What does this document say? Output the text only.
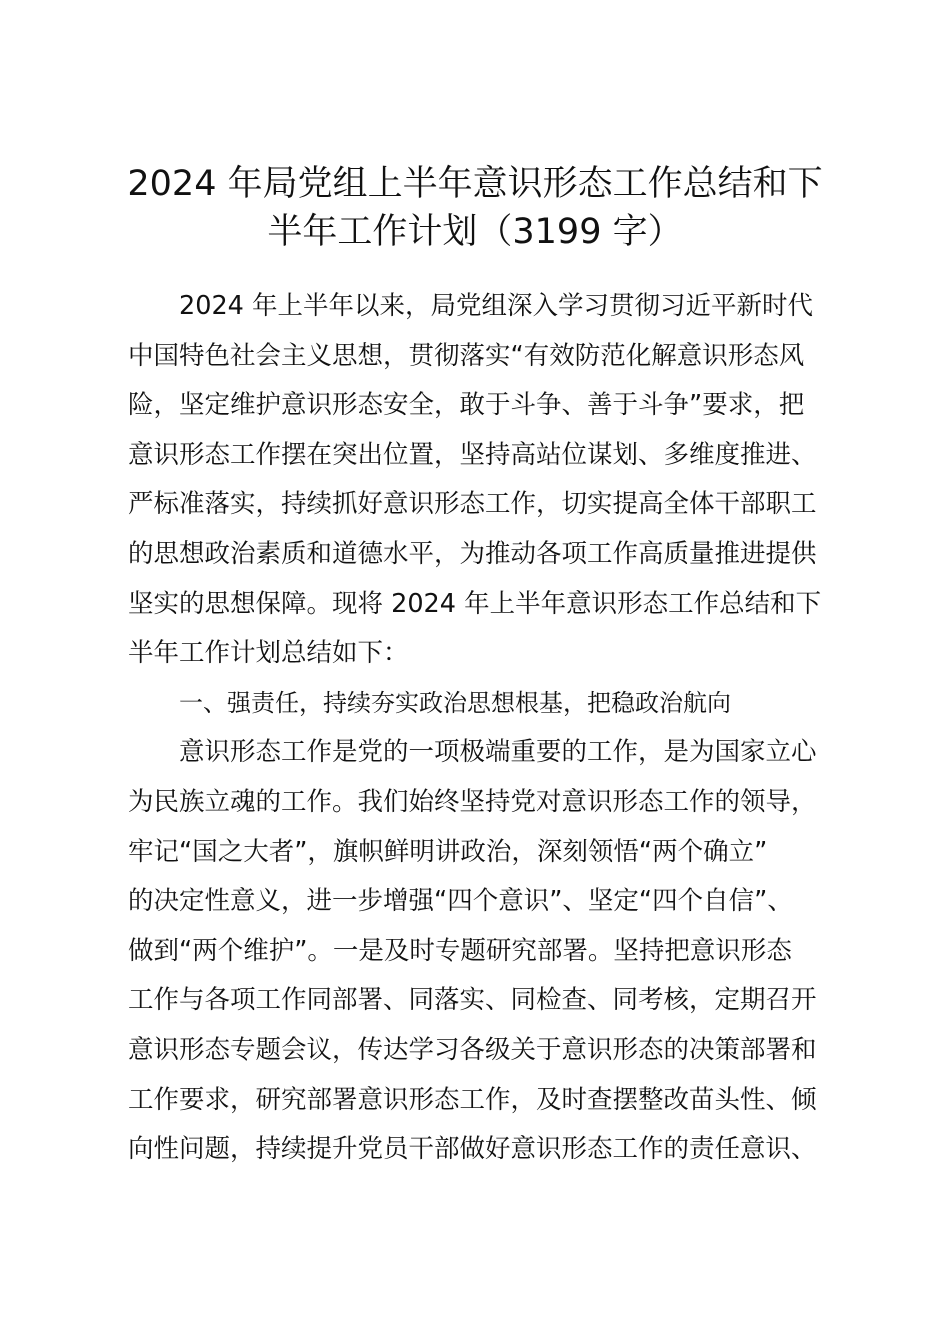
2024 年局党组上半年意识形态工作总结和下
半年工作计划（3199 字）
2024 年上半年以来，局党组深入学习贯彻习近平新时代
中国特色社会主义思想，贯彻落实“有效防范化解意识形态风
险，坚定维护意识形态安全，敢于斗争、善于斗争”要求，把
意识形态工作摆在突出位置，坚持高站位谋划、多维度推进、
严标准落实，持续抓好意识形态工作，切实提高全体干部职工
的思想政治素质和道德水平，为推动各项工作高质量推进提供
坚实的思想保障。现将 2024 年上半年意识形态工作总结和下
半年工作计划总结如下：
一、强责任，持续夯实政治思想根基，把稳政治航向
意识形态工作是党的一项极端重要的工作，是为国家立心
为民族立魂的工作。我们始终坚持党对意识形态工作的领导，
牢记“国之大者”，旗帜鲜明讲政治，深刻领悟“两个确立”
的决定性意义，进一步增强“四个意识”、坚定“四个自信”、
做到“两个维护”。一是及时专题研究部署。坚持把意识形态
工作与各项工作同部署、同落实、同检查、同考核，定期召开
意识形态专题会议，传达学习各级关于意识形态的决策部署和
工作要求，研究部署意识形态工作，及时查摆整改苗头性、倾
向性问题，持续提升党员干部做好意识形态工作的责任意识、
